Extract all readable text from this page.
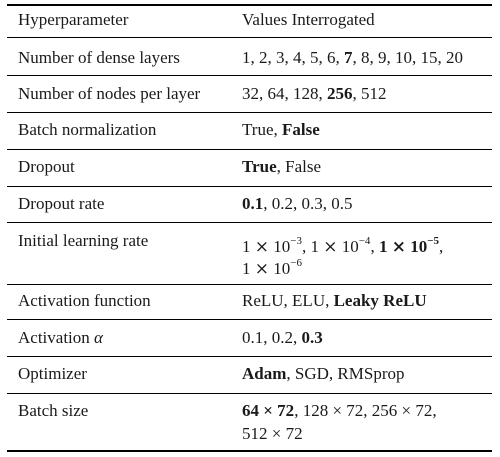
Hyperparameter	Values Interrogated
Number of dense layers	1, 2, 3, 4, 5, 6, 7, 8, 9, 10, 15, 20
Number of nodes per layer 32, 64, 128, 256, 512
Batch normalization	True, False
Dropout	True, False
Dropout rate	0.1, 0.2, 0.3, 0.5
Initial learning rate	$1 \times 10^{-3}$, $1 \times 10^{-4}$, $1 \times 10^{-5}$,
$1 \times 10^{-6}$
Activation function	ReLU, ELU, Leaky ReLU
Activation α	0.1, 0.2, 0.3
Optimizer	Adam, SGD, RMSprop
Batch size	64 × 72, 128 × 72, 256 × 72,
512 × 72
